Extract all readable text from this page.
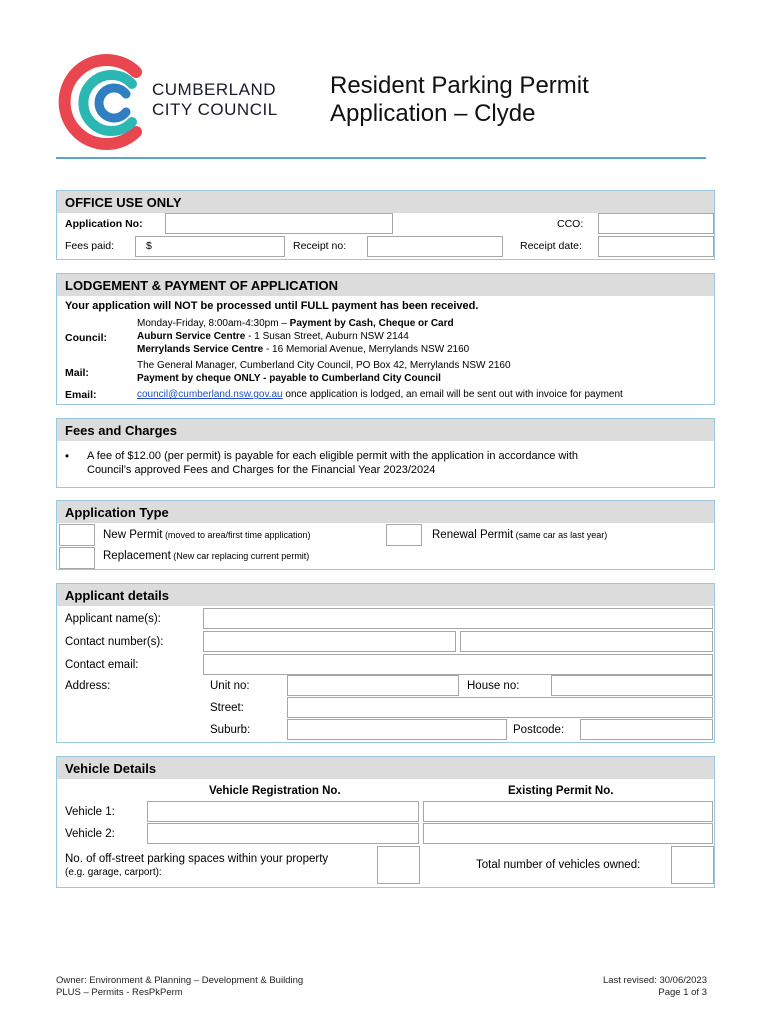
CUMBERLAND
CITY COUNCIL
Resident Parking Permit
Application – Clyde
OFFICE USE ONLY
Application No:	CCO:
Fees paid:	$	Receipt no:	Receipt date:
LODGEMENT & PAYMENT OF APPLICATION
Your application will NOT be processed until FULL payment has been received.
Council:
Monday-Friday, 8:00am-4:30pm – Payment by Cash, Cheque or Card
Auburn Service Centre - 1 Susan Street, Auburn NSW 2144
Merrylands Service Centre - 16 Memorial Avenue, Merrylands NSW 2160
Mail:
The General Manager, Cumberland City Council, PO Box 42, Merrylands NSW 2160
Payment by cheque ONLY - payable to Cumberland City Council
Email:	council@cumberland.nsw.gov.au once application is lodged, an email will be sent out with invoice for payment
Fees and Charges
• A fee of $12.00 (per permit) is payable for each eligible permit with the application in accordance with
Council’s approved Fees and Charges for the Financial Year 2023/2024
Application Type
New Permit (moved to area/first time application)	Renewal Permit (same car as last year)
Replacement (New car replacing current permit)
Applicant details
Applicant name(s):
Contact number(s):
Contact email:
Address:	Unit no:	House no:
Street:
Suburb:	Postcode:
Vehicle Details
Vehicle Registration No.	Existing Permit No.
Vehicle 1:
Vehicle 2:
No. of off-street parking spaces within your property
(e.g. garage, carport):
Total number of vehicles owned:
Owner: Environment & Planning – Development & Building
PLUS – Permits - ResPkPerm
Last revised: 30/06/2023
Page 1 of 3
